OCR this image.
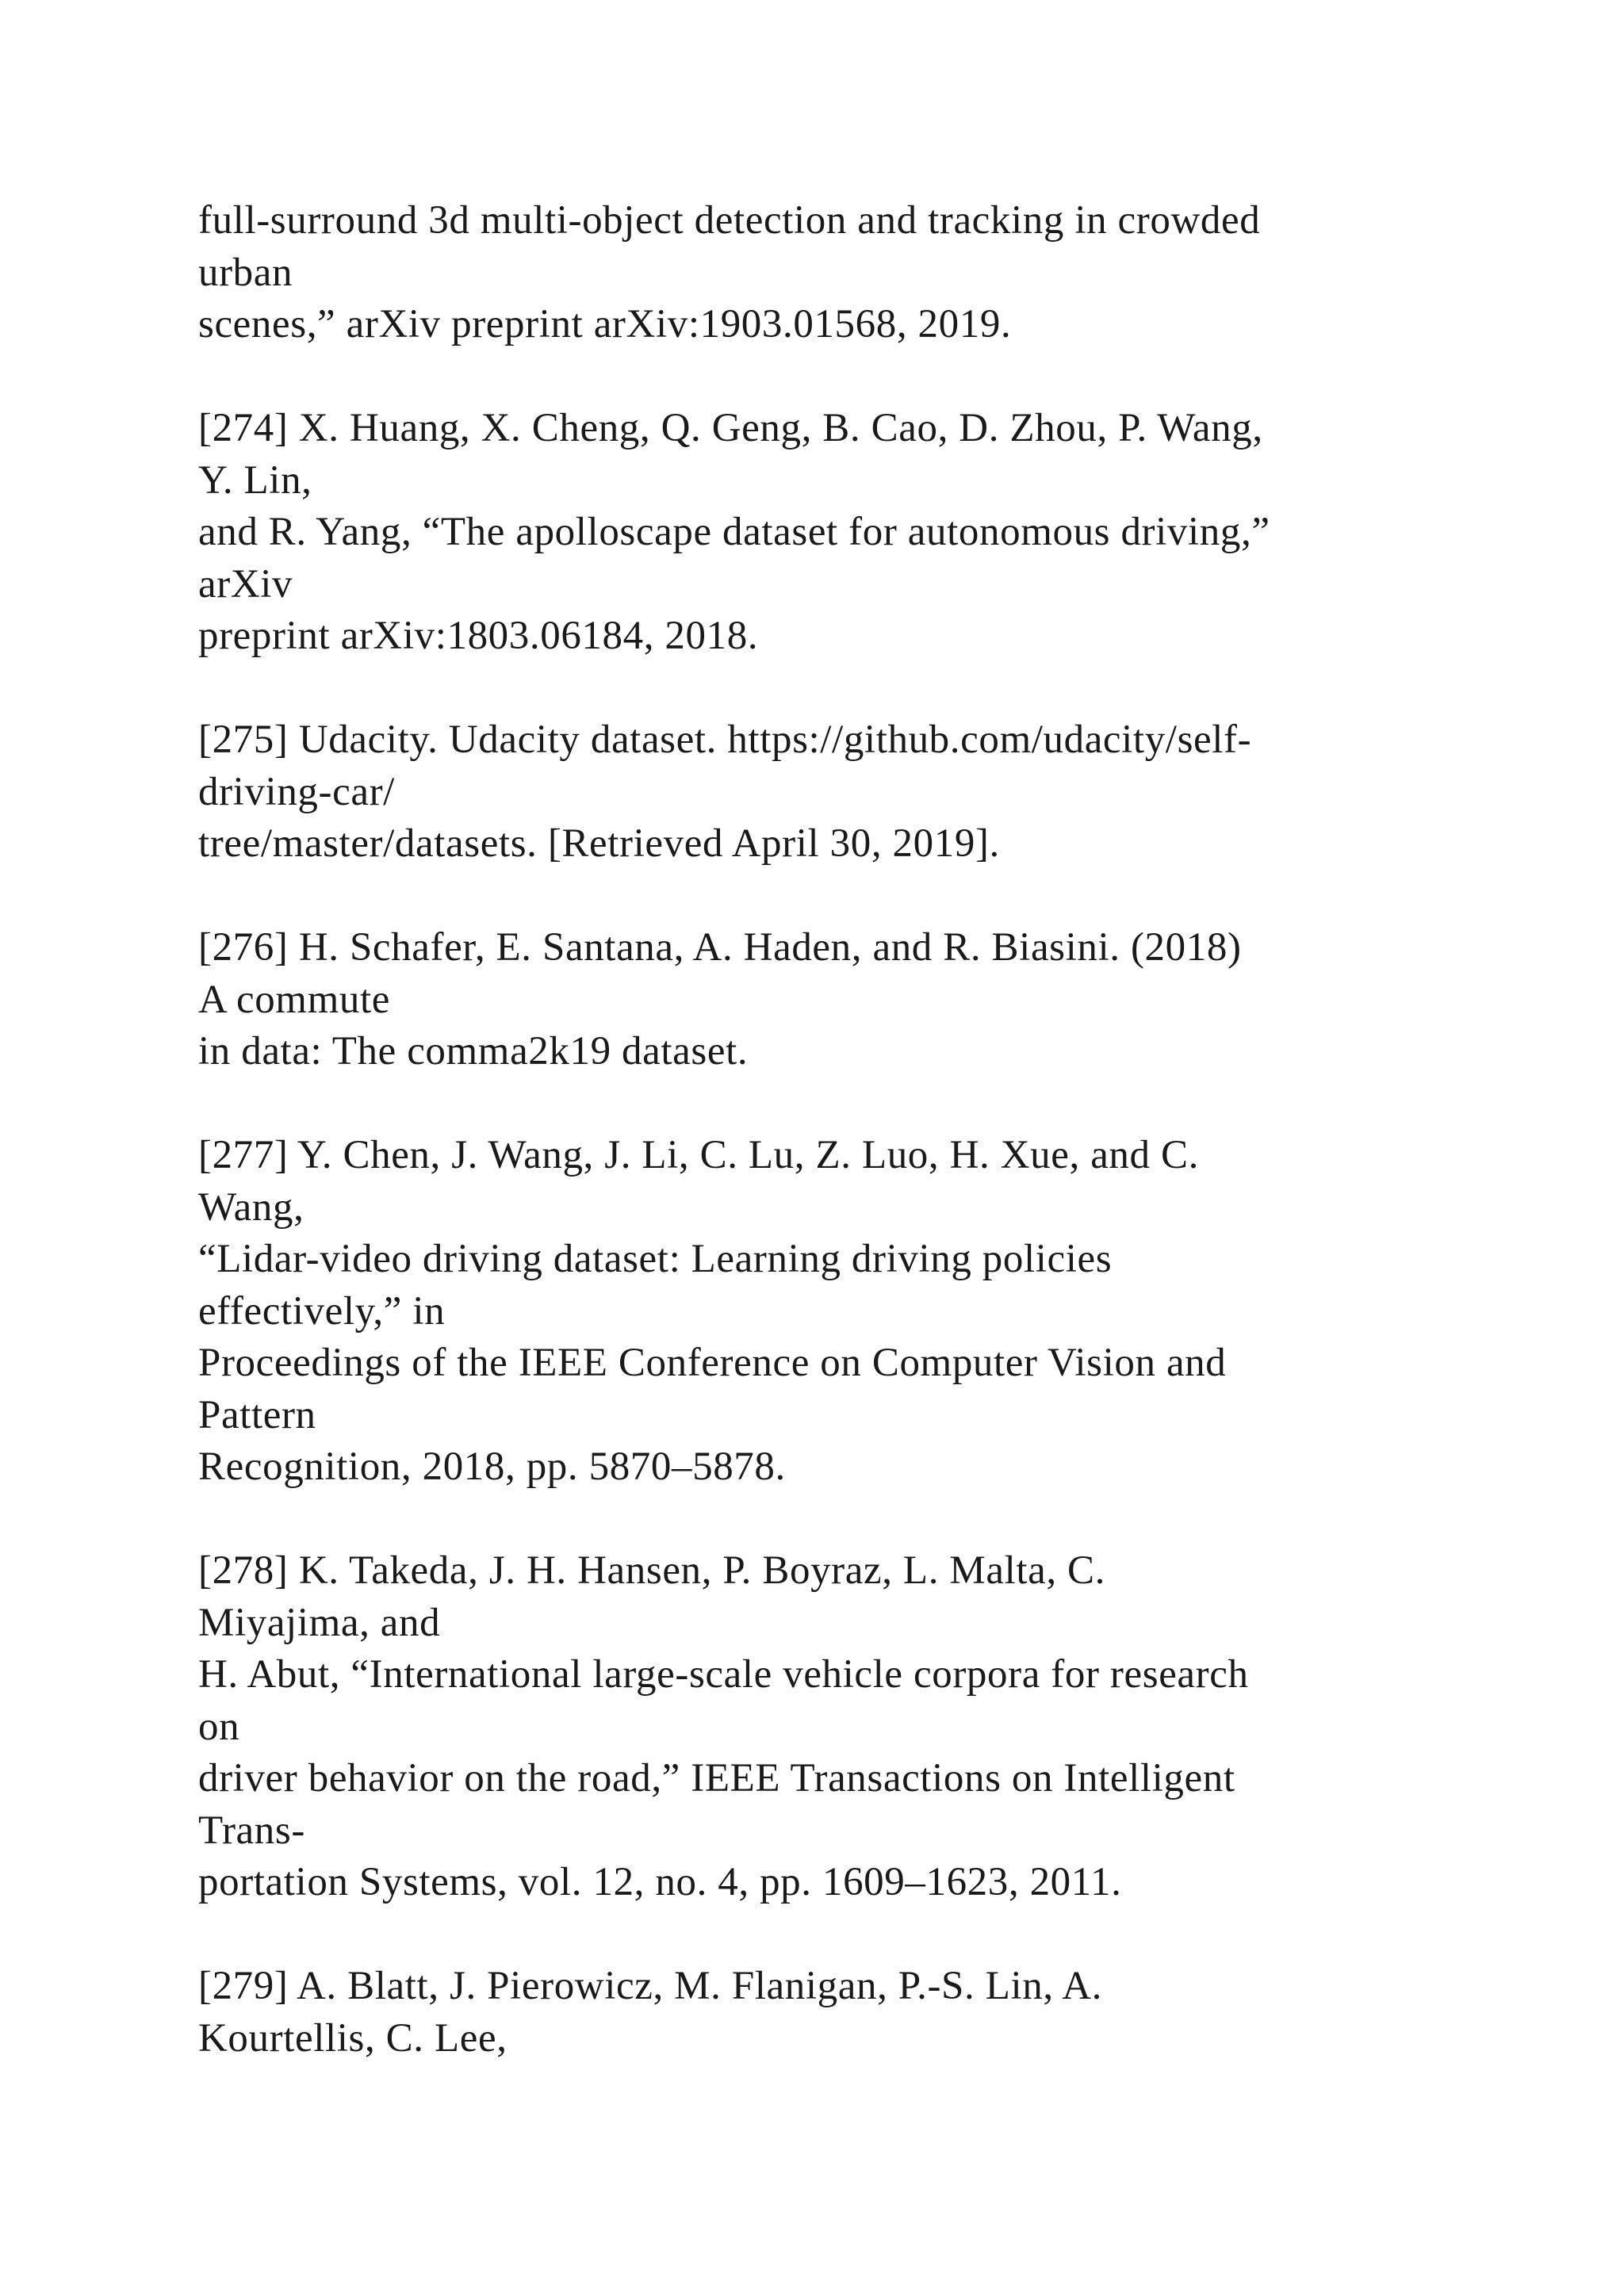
full-surround 3d multi-object detection and tracking in crowded
urban
scenes,” arXiv preprint arXiv:1903.01568, 2019.

[274] X. Huang, X. Cheng, Q. Geng, B. Cao, D. Zhou, P. Wang,
Y. Lin,
and R. Yang, “The apolloscape dataset for autonomous driving,”
arXiv
preprint arXiv:1803.06184, 2018.

[275] Udacity. Udacity dataset. https://github.com/udacity/self-
driving-car/
tree/master/datasets. [Retrieved April 30, 2019].

[276] H. Schafer, E. Santana, A. Haden, and R. Biasini. (2018)
A commute
in data: The comma2k19 dataset.

[277] Y. Chen, J. Wang, J. Li, C. Lu, Z. Luo, H. Xue, and C.
Wang,
“Lidar-video driving dataset: Learning driving policies
effectively,” in
Proceedings of the IEEE Conference on Computer Vision and
Pattern
Recognition, 2018, pp. 5870–5878.

[278] K. Takeda, J. H. Hansen, P. Boyraz, L. Malta, C.
Miyajima, and
H. Abut, “International large-scale vehicle corpora for research
on
driver behavior on the road,” IEEE Transactions on Intelligent
Trans-
portation Systems, vol. 12, no. 4, pp. 1609–1623, 2011.

[279] A. Blatt, J. Pierowicz, M. Flanigan, P.-S. Lin, A.
Kourtellis, C. Lee,
